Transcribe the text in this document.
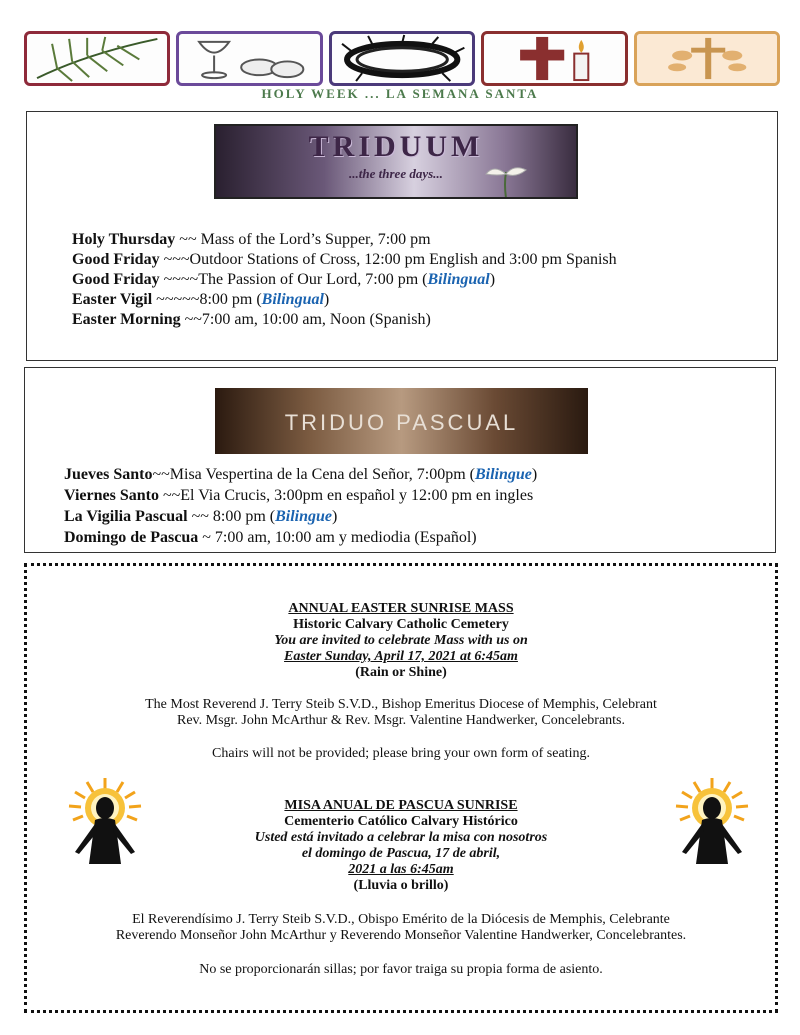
HOLY WEEK ... LA SEMANA SANTA
TRIDUUM
...the three days...
Holy Thursday ~~ Mass of the Lord’s Supper, 7:00 pm
Good Friday ~~~Outdoor Stations of Cross, 12:00 pm English and 3:00 pm Spanish
Good Friday ~~~~The Passion of Our Lord, 7:00 pm (Bilingual)
Easter Vigil ~~~~~8:00 pm (Bilingual)
Easter Morning ~~7:00 am, 10:00 am, Noon (Spanish)
TRIDUO PASCUAL
Jueves Santo~~Misa Vespertina de la Cena del Señor, 7:00pm (Bilingue)
Viernes Santo ~~El Via Crucis, 3:00pm en español y 12:00 pm en ingles
La Vigilia Pascual ~~ 8:00 pm (Bilingue)
Domingo de Pascua ~ 7:00 am, 10:00 am y mediodia (Español)
ANNUAL EASTER SUNRISE MASS
Historic Calvary Catholic Cemetery
You are invited to celebrate Mass with us on
Easter Sunday, April 17, 2021 at 6:45am
(Rain or Shine)
The Most Reverend J. Terry Steib S.V.D., Bishop Emeritus Diocese of Memphis, Celebrant
Rev. Msgr. John McArthur & Rev. Msgr. Valentine Handwerker, Concelebrants.
Chairs will not be provided; please bring your own form of seating.
MISA ANUAL DE PASCUA SUNRISE
Cementerio Católico Calvary Histórico
Usted está invitado a celebrar la misa con nosotros
el domingo de Pascua, 17 de abril,
2021 a las 6:45am
(Lluvia o brillo)
El Reverendísimo J. Terry Steib S.V.D., Obispo Emérito de la Diócesis de Memphis, Celebrante
Reverendo Monseñor John McArthur y Reverendo Monseñor Valentine Handwerker, Concelebrantes.
No se proporcionarán sillas; por favor traiga su propia forma de asiento.
